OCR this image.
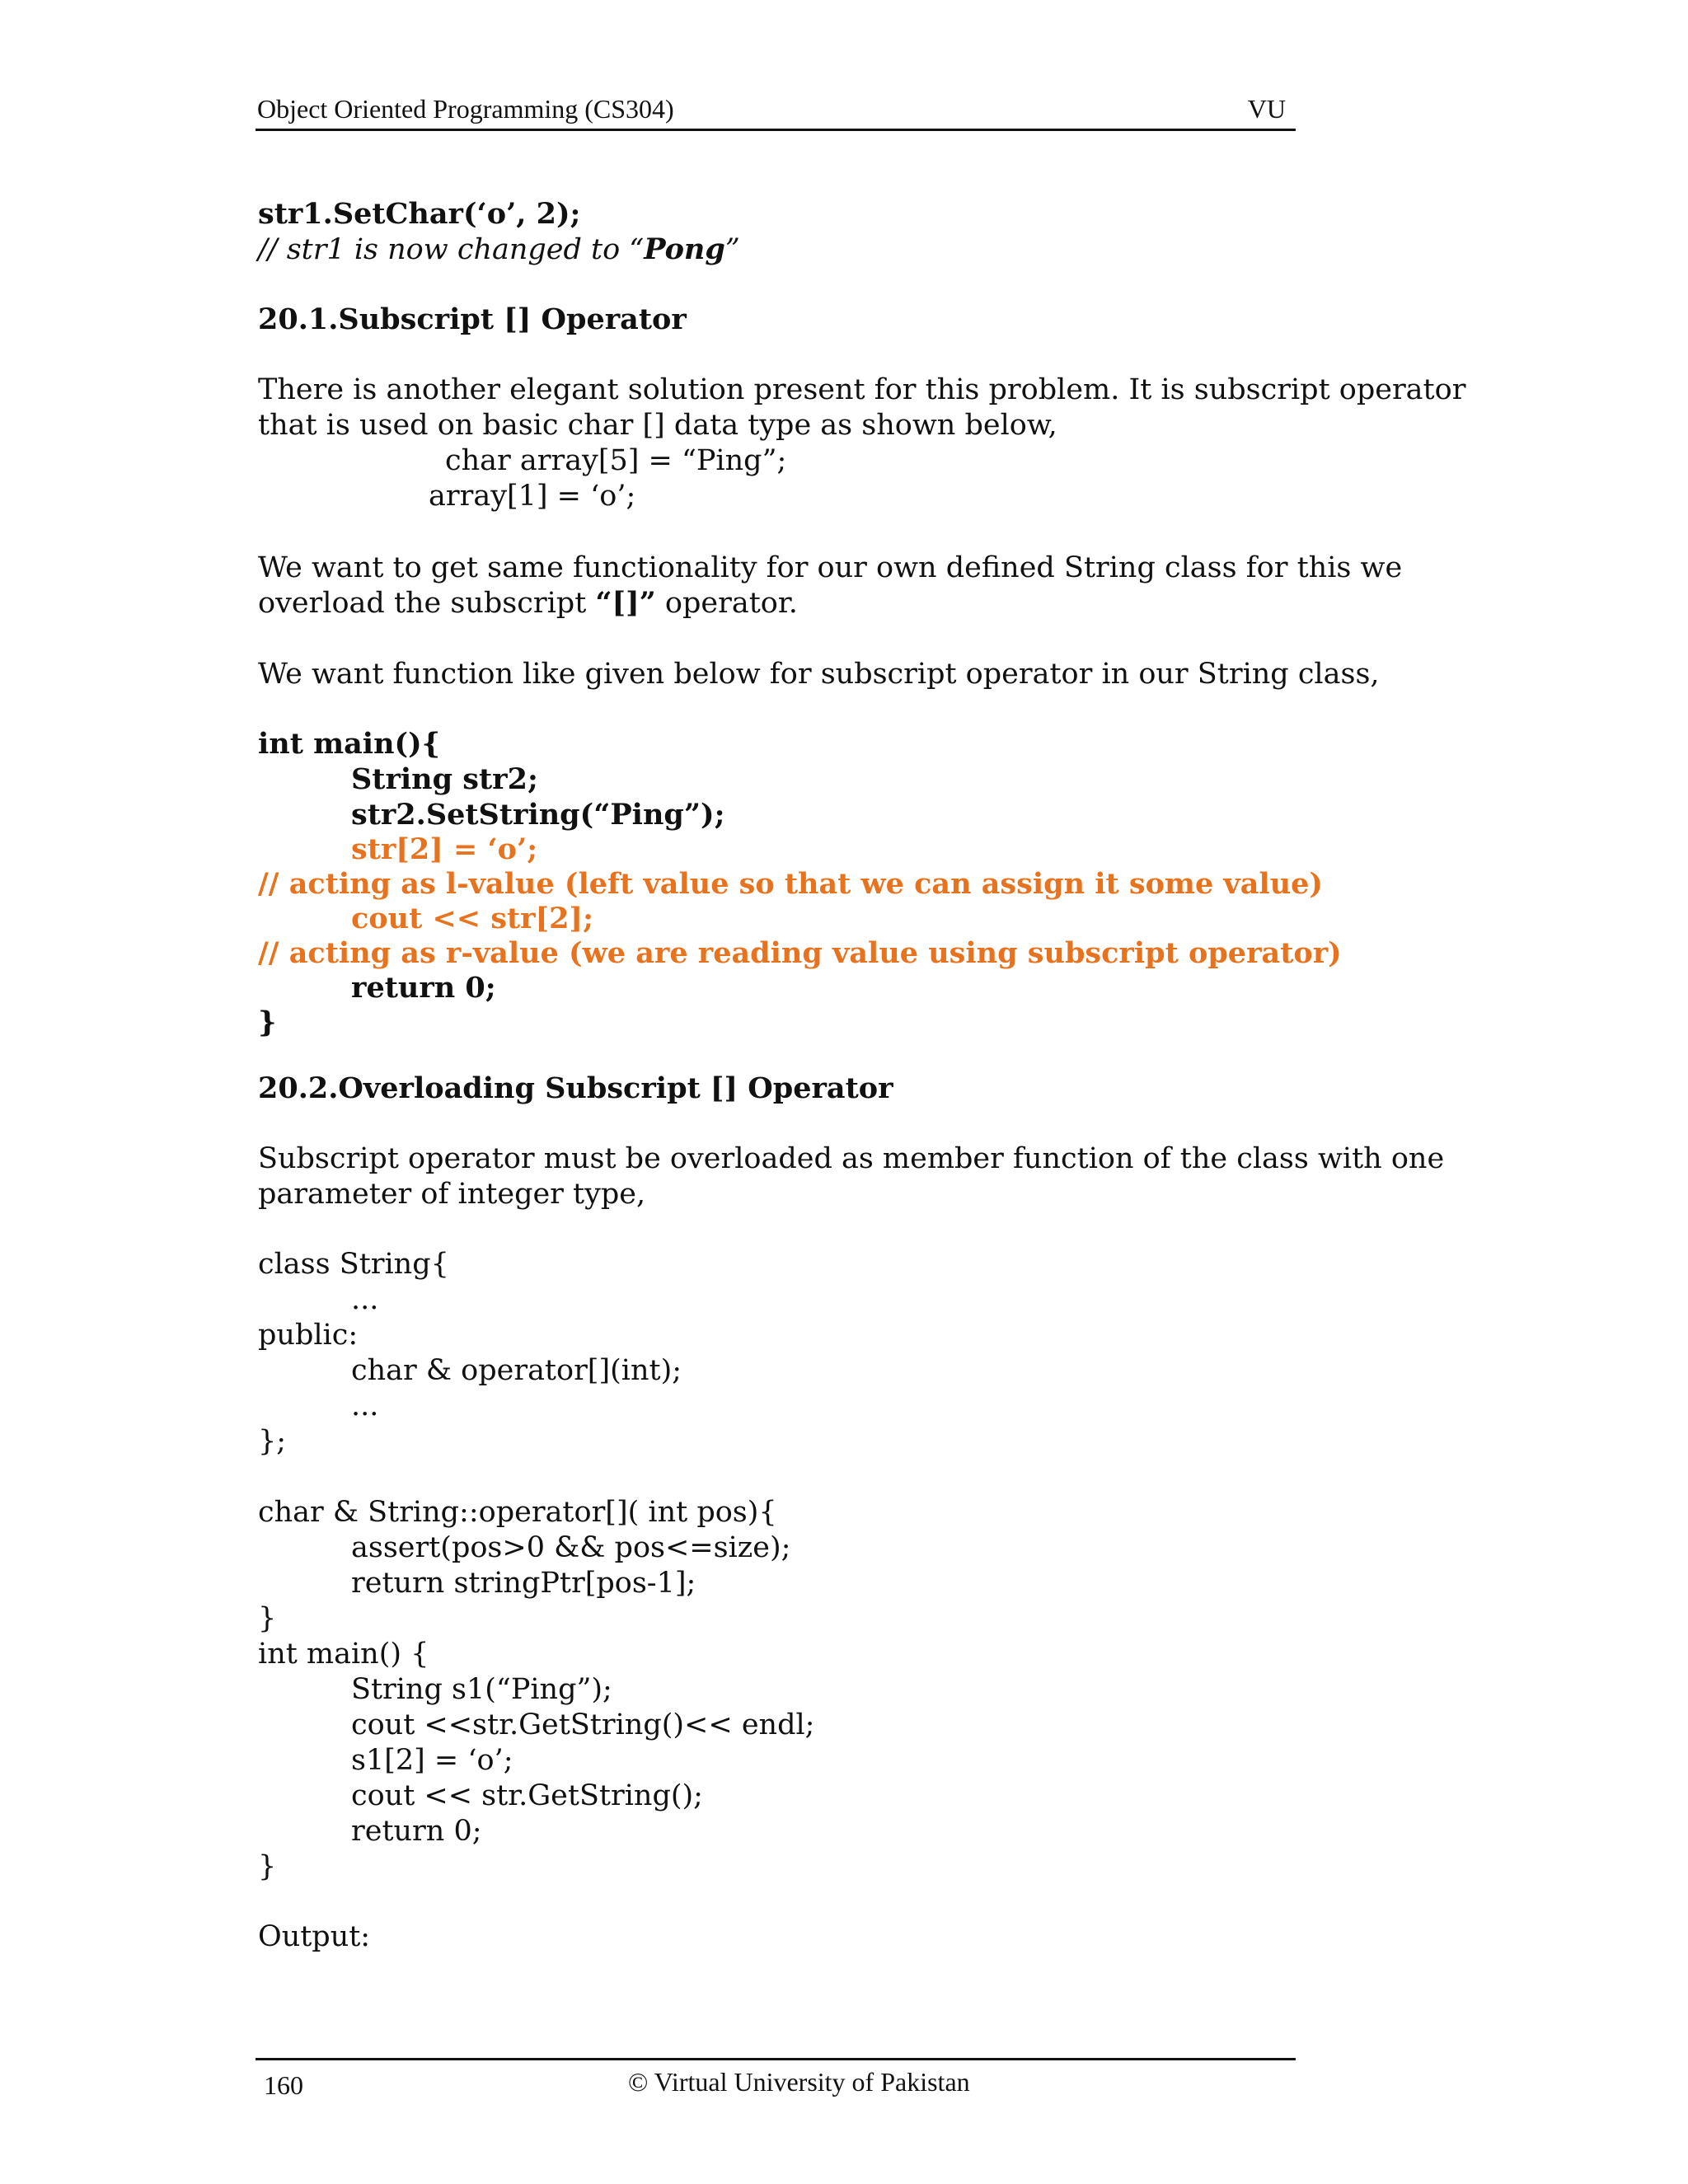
Object Oriented Programming (CS304)	VU
str1.SetChar(‘o’, 2);
// str1 is now changed to “Pong”
20.1.Subscript [] Operator
There is another elegant solution present for this problem. It is subscript operator
that is used on basic char [] data type as shown below,
char array[5] = “Ping”;
array[1] = ‘o’;
We want to get same functionality for our own defined String class for this we
overload the subscript “[]” operator.
We want function like given below for subscript operator in our String class,
int main(){
String str2;
str2.SetString(“Ping”);
str[2] = ‘o’;
// acting as l-value (left value so that we can assign it some value)
cout << str[2];
// acting as r-value (we are reading value using subscript operator)
return 0;
}
20.2.Overloading Subscript [] Operator
Subscript operator must be overloaded as member function of the class with one
parameter of integer type,
class String{
...
public:
char & operator[](int);
...
};
char & String::operator[]( int pos){
assert(pos>0 && pos<=size);
return stringPtr[pos-1];
}
int main() {
String s1(“Ping”);
cout <<str.GetString()<< endl;
s1[2] = ‘o’;
cout << str.GetString();
return 0;
}
Output:
160	© Virtual University of Pakistan
